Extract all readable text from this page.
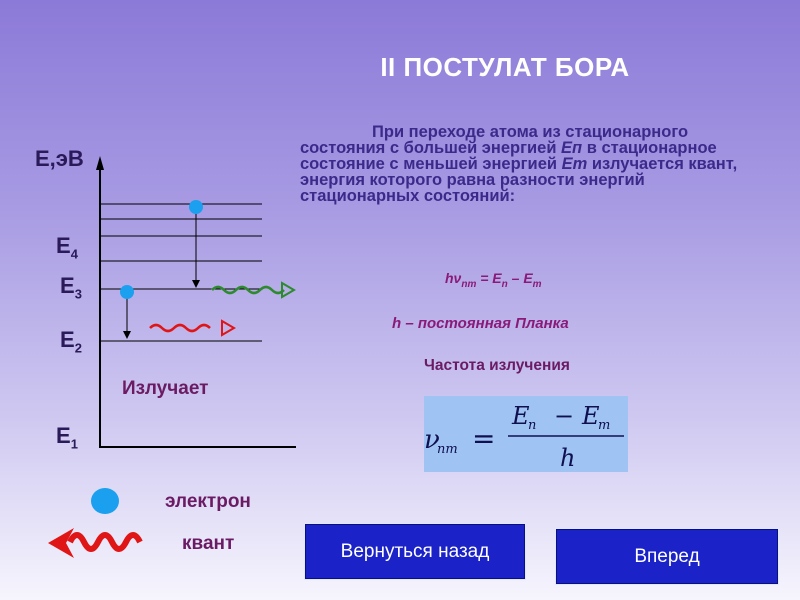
II ПОСТУЛАТ БОРА
При переходе атома из стационарного состояния с большей энергией Еп в стационарное состояние с меньшей энергией Ет излучается квант, энергия которого равна разности энергий стационарных состояний:
$h\nu_{nm} = E_n - E_m$
h – постоянная Планка
Частота излучения
ν
nm =
E
n − E
m
h
Е,эВ
$Е_4$
$Е_3$
$Е_2$
$Е_1$
Излучает
электрон
квант	Вернуться назад	Вперед
